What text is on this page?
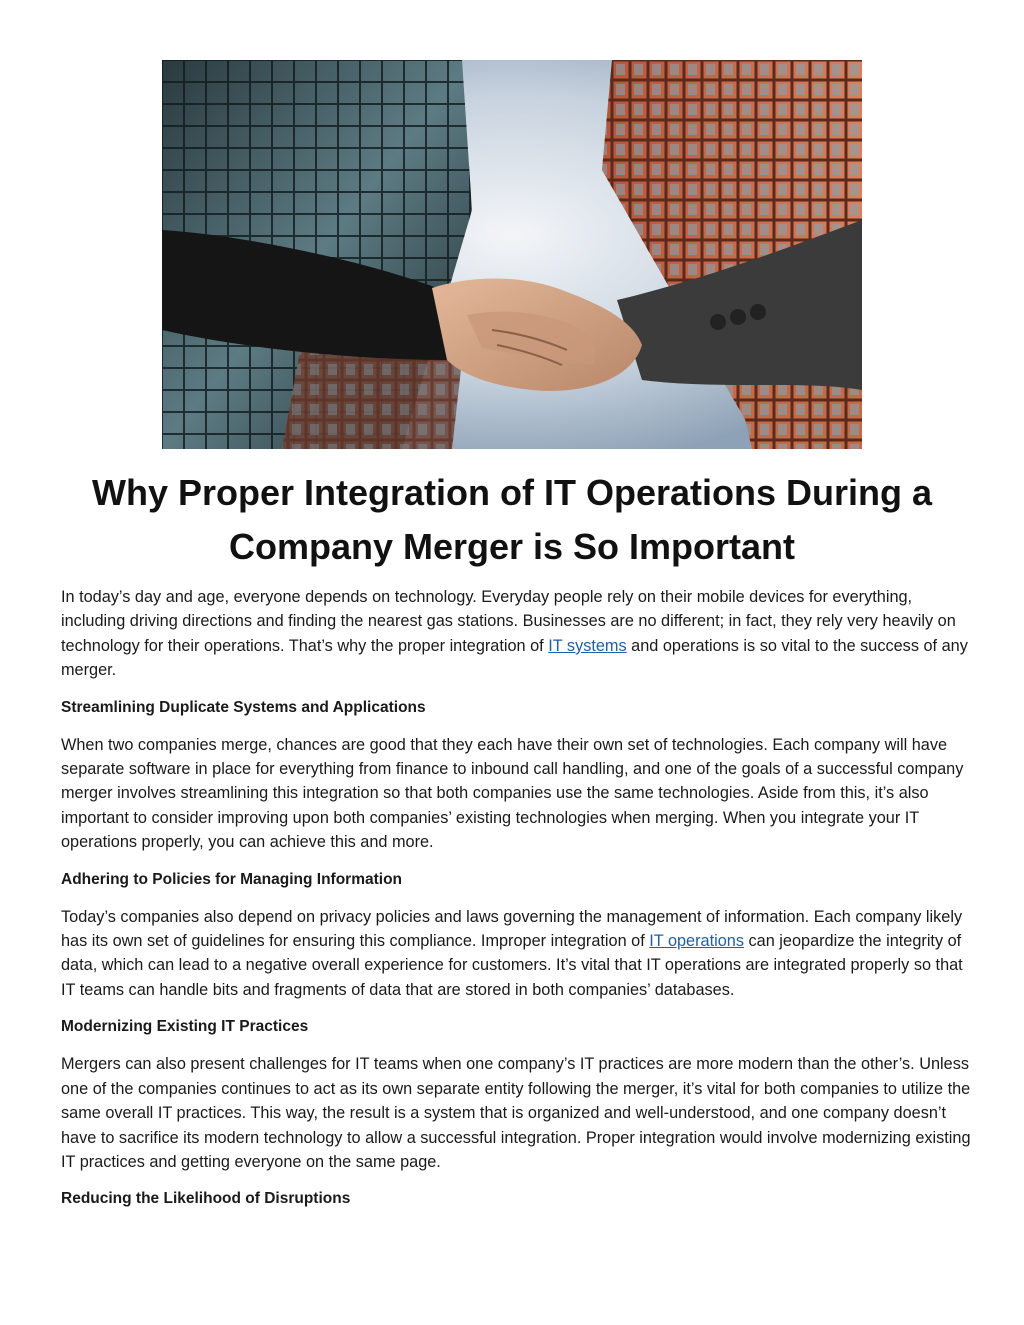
Why Proper Integration of IT Operations During a Company Merger is So Important

In today’s day and age, everyone depends on technology. Everyday people rely on their mobile devices for everything, including driving directions and finding the nearest gas stations. Businesses are no different; in fact, they rely very heavily on technology for their operations. That’s why the proper integration of IT systems and operations is so vital to the success of any merger.

Streamlining Duplicate Systems and Applications

When two companies merge, chances are good that they each have their own set of technologies. Each company will have separate software in place for everything from finance to inbound call handling, and one of the goals of a successful company merger involves streamlining this integration so that both companies use the same technologies. Aside from this, it’s also important to consider improving upon both companies’ existing technologies when merging. When you integrate your IT operations properly, you can achieve this and more.

Adhering to Policies for Managing Information

Today’s companies also depend on privacy policies and laws governing the management of information. Each company likely has its own set of guidelines for ensuring this compliance. Improper integration of IT operations can jeopardize the integrity of data, which can lead to a negative overall experience for customers. It’s vital that IT operations are integrated properly so that IT teams can handle bits and fragments of data that are stored in both companies’ databases.

Modernizing Existing IT Practices

Mergers can also present challenges for IT teams when one company’s IT practices are more modern than the other’s. Unless one of the companies continues to act as its own separate entity following the merger, it’s vital for both companies to utilize the same overall IT practices. This way, the result is a system that is organized and well-understood, and one company doesn’t have to sacrifice its modern technology to allow a successful integration. Proper integration would involve modernizing existing IT practices and getting everyone on the same page.

Reducing the Likelihood of Disruptions
